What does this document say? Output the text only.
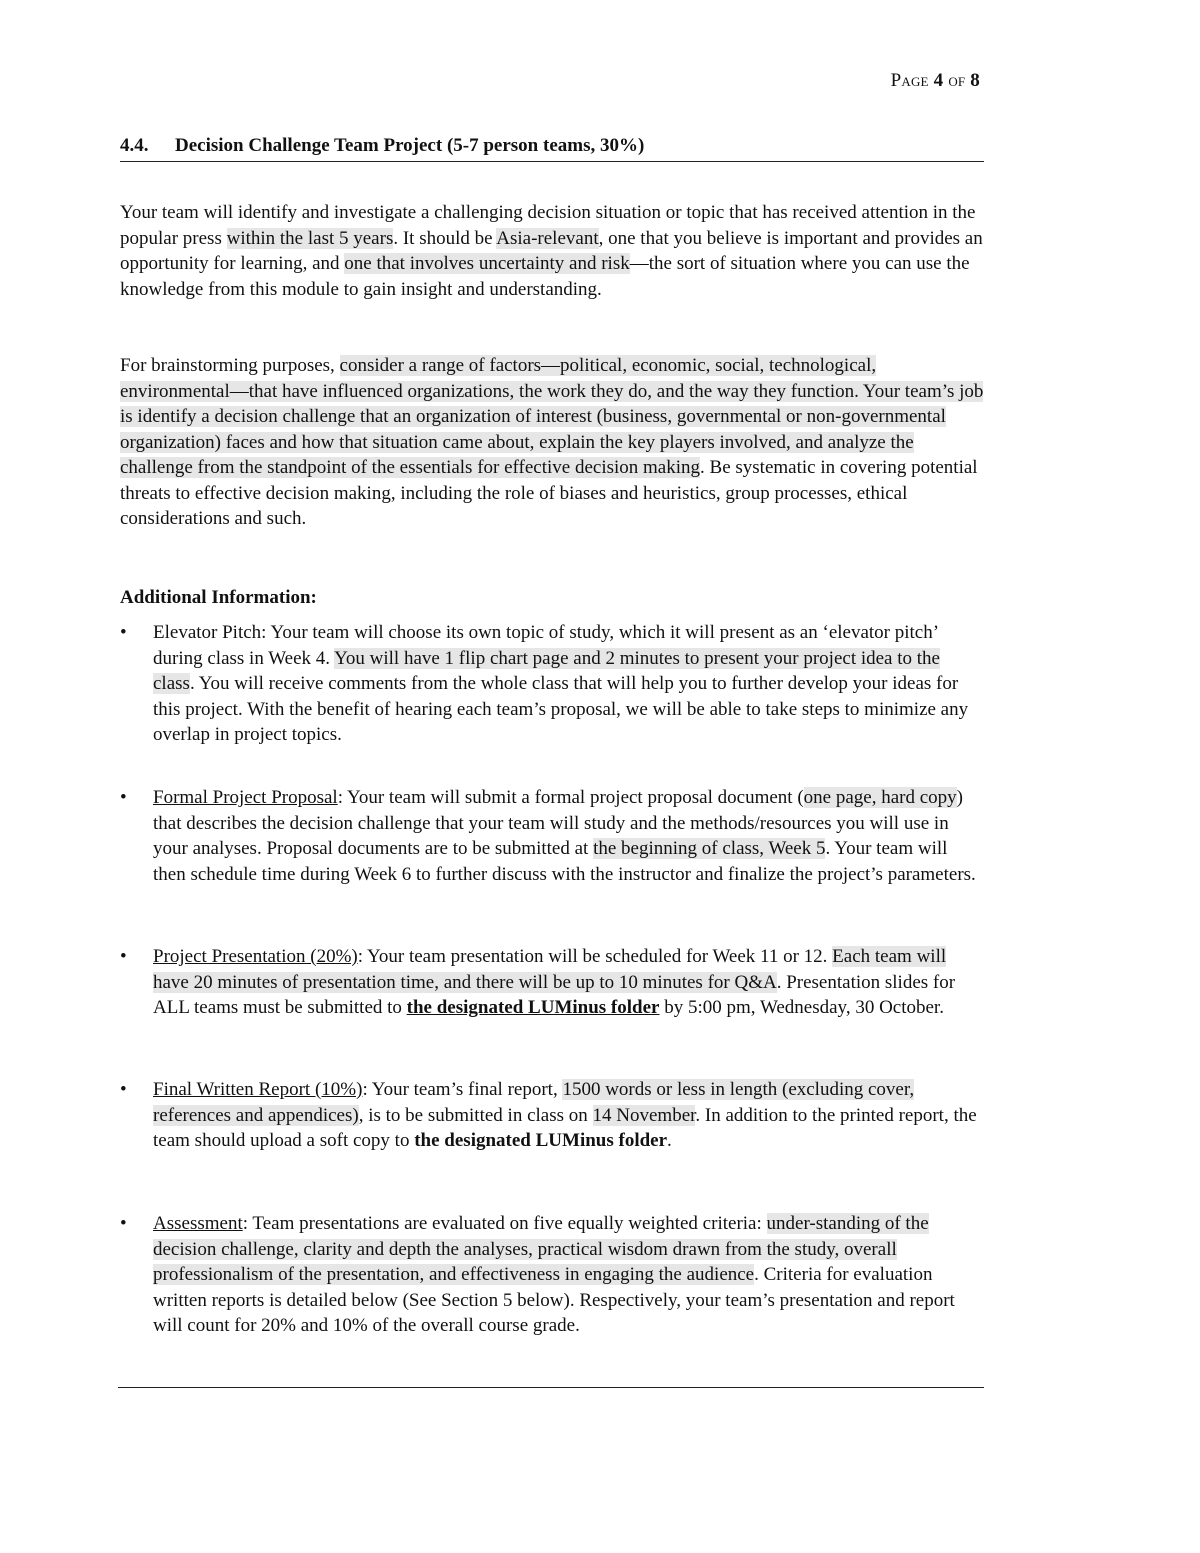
Page 4 of 8
4.4. Decision Challenge Team Project (5-7 person teams, 30%)

Your team will identify and investigate a challenging decision situation or topic that has received attention in the popular press within the last 5 years. It should be Asia-relevant, one that you believe is important and provides an opportunity for learning, and one that involves uncertainty and risk—the sort of situation where you can use the knowledge from this module to gain insight and understanding.

For brainstorming purposes, consider a range of factors—political, economic, social, technological, environmental—that have influenced organizations, the work they do, and the way they function. Your team’s job is identify a decision challenge that an organization of interest (business, governmental or non-governmental organization) faces and how that situation came about, explain the key players involved, and analyze the challenge from the standpoint of the essentials for effective decision making. Be systematic in covering potential threats to effective decision making, including the role of biases and heuristics, group processes, ethical considerations and such.

Additional Information:
•	Elevator Pitch: Your team will choose its own topic of study, which it will present as an ‘elevator pitch’ during class in Week 4. You will have 1 flip chart page and 2 minutes to present your project idea to the class. You will receive comments from the whole class that will help you to further develop your ideas for this project. With the benefit of hearing each team’s proposal, we will be able to take steps to minimize any overlap in project topics.
•	Formal Project Proposal: Your team will submit a formal project proposal document (one page, hard copy) that describes the decision challenge that your team will study and the methods/resources you will use in your analyses. Proposal documents are to be submitted at the beginning of class, Week 5. Your team will then schedule time during Week 6 to further discuss with the instructor and finalize the project’s parameters.
•	Project Presentation (20%): Your team presentation will be scheduled for Week 11 or 12. Each team will have 20 minutes of presentation time, and there will be up to 10 minutes for Q&A. Presentation slides for ALL teams must be submitted to the designated LUMinus folder by 5:00 pm, Wednesday, 30 October.
•	Final Written Report (10%): Your team’s final report, 1500 words or less in length (excluding cover, references and appendices), is to be submitted in class on 14 November. In addition to the printed report, the team should upload a soft copy to the designated LUMinus folder.
•	Assessment: Team presentations are evaluated on five equally weighted criteria: under-standing of the decision challenge, clarity and depth the analyses, practical wisdom drawn from the study, overall professionalism of the presentation, and effectiveness in engaging the audience. Criteria for evaluation written reports is detailed below (See Section 5 below). Respectively, your team’s presentation and report will count for 20% and 10% of the overall course grade.
